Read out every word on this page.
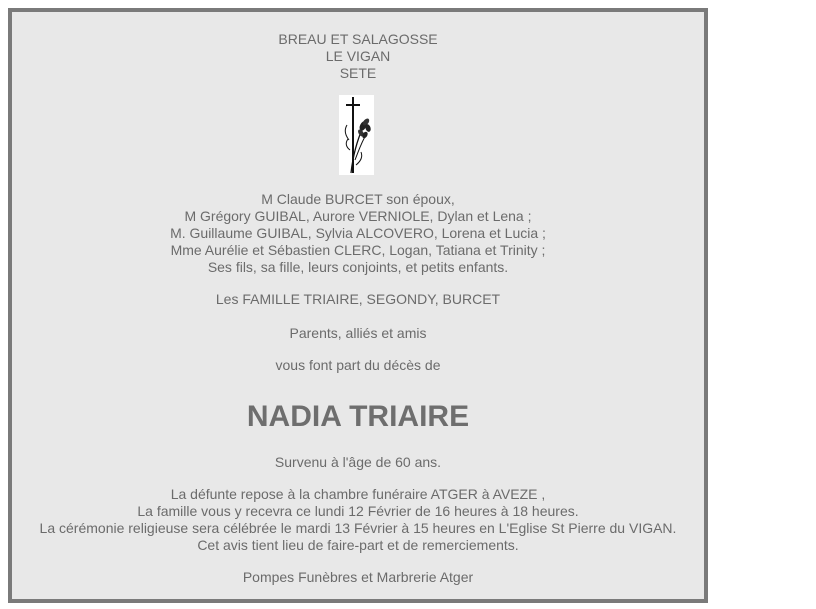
BREAU ET SALAGOSSE
LE VIGAN
SETE
M Claude BURCET son époux,
M Grégory GUIBAL, Aurore VERNIOLE, Dylan et Lena ;
M. Guillaume GUIBAL, Sylvia ALCOVERO, Lorena et Lucia ;
Mme Aurélie et Sébastien CLERC, Logan, Tatiana et Trinity ;
Ses fils, sa fille, leurs conjoints, et petits enfants.
Les FAMILLE TRIAIRE, SEGONDY, BURCET
Parents, alliés et amis
vous font part du décès de
NADIA TRIAIRE
Survenu à l'âge de 60 ans.
La défunte repose à la chambre funéraire ATGER à AVEZE ,
La famille vous y recevra ce lundi 12 Février de 16 heures à 18 heures.
La cérémonie religieuse sera célébrée le mardi 13 Février à 15 heures en L'Eglise St Pierre du VIGAN.
Cet avis tient lieu de faire-part et de remerciements.
Pompes Funèbres et Marbrerie Atger
